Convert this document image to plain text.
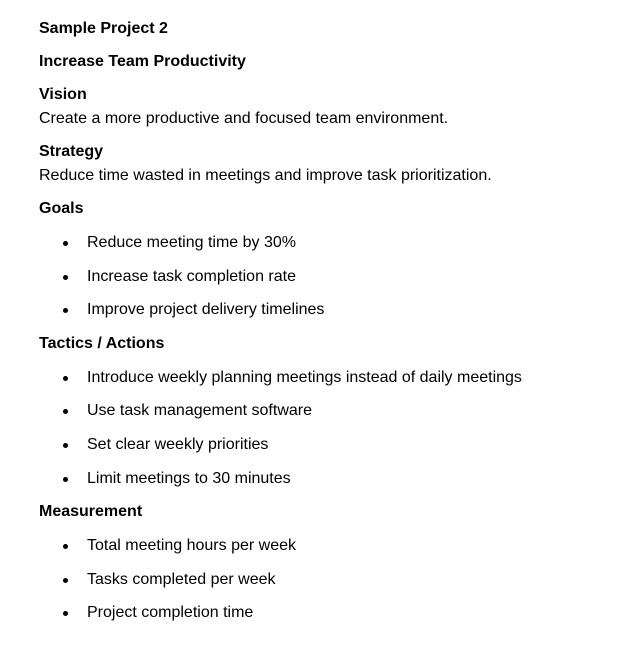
Sample Project 2
Increase Team Productivity
Vision
Create a more productive and focused team environment.
Strategy
Reduce time wasted in meetings and improve task prioritization.
Goals
Reduce meeting time by 30%
Increase task completion rate
Improve project delivery timelines
Tactics / Actions
Introduce weekly planning meetings instead of daily meetings
Use task management software
Set clear weekly priorities
Limit meetings to 30 minutes
Measurement
Total meeting hours per week
Tasks completed per week
Project completion time
